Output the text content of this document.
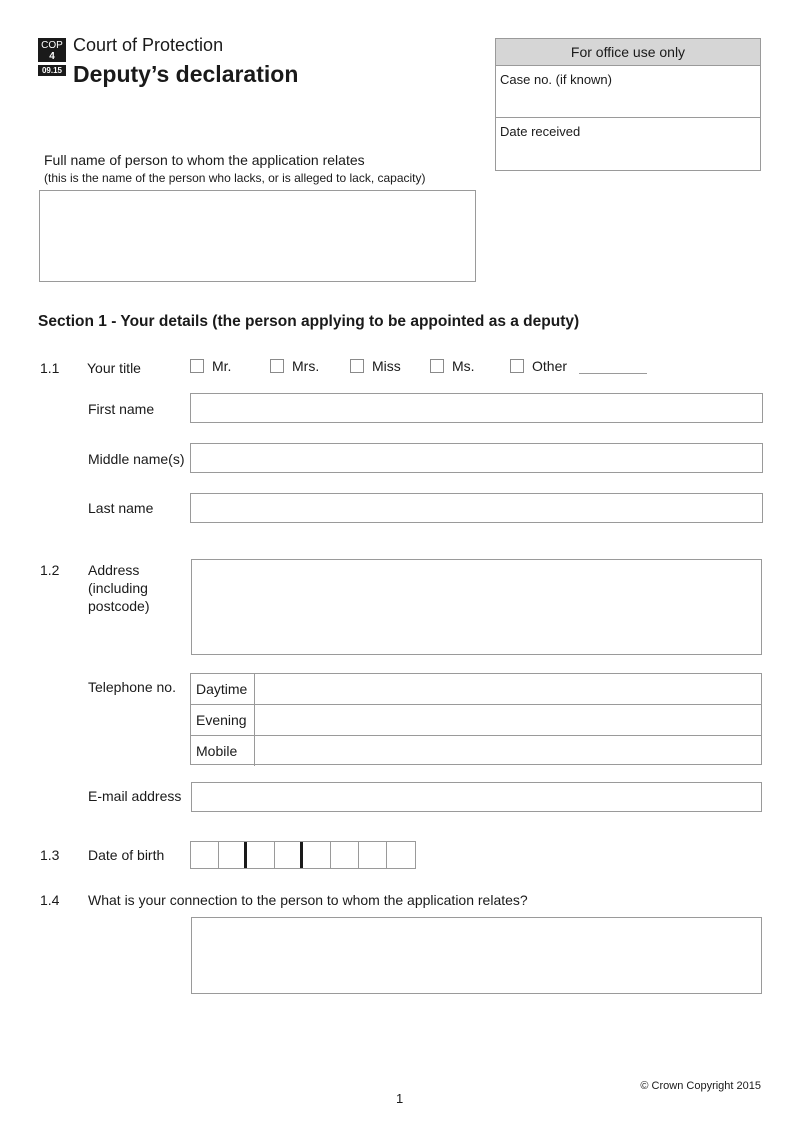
COP
4
09.15
Court of Protection
Deputy’s declaration
For office use only
Case no. (if known)
Date received
Full name of person to whom the application relates
(this is the name of the person who lacks, or is alleged to lack, capacity)
Section 1 - Your details (the person applying to be appointed as a deputy)
1.1 Your title	Mr.	Mrs.	Miss	Ms.	Other
First name
Middle name(s)
Last name
1.2 Address
(including
postcode)
Telephone no.	Daytime
Evening
Mobile
E-mail address
1.3 Date of birth
1.4 What is your connection to the person to whom the application relates?
© Crown Copyright 2015
1
